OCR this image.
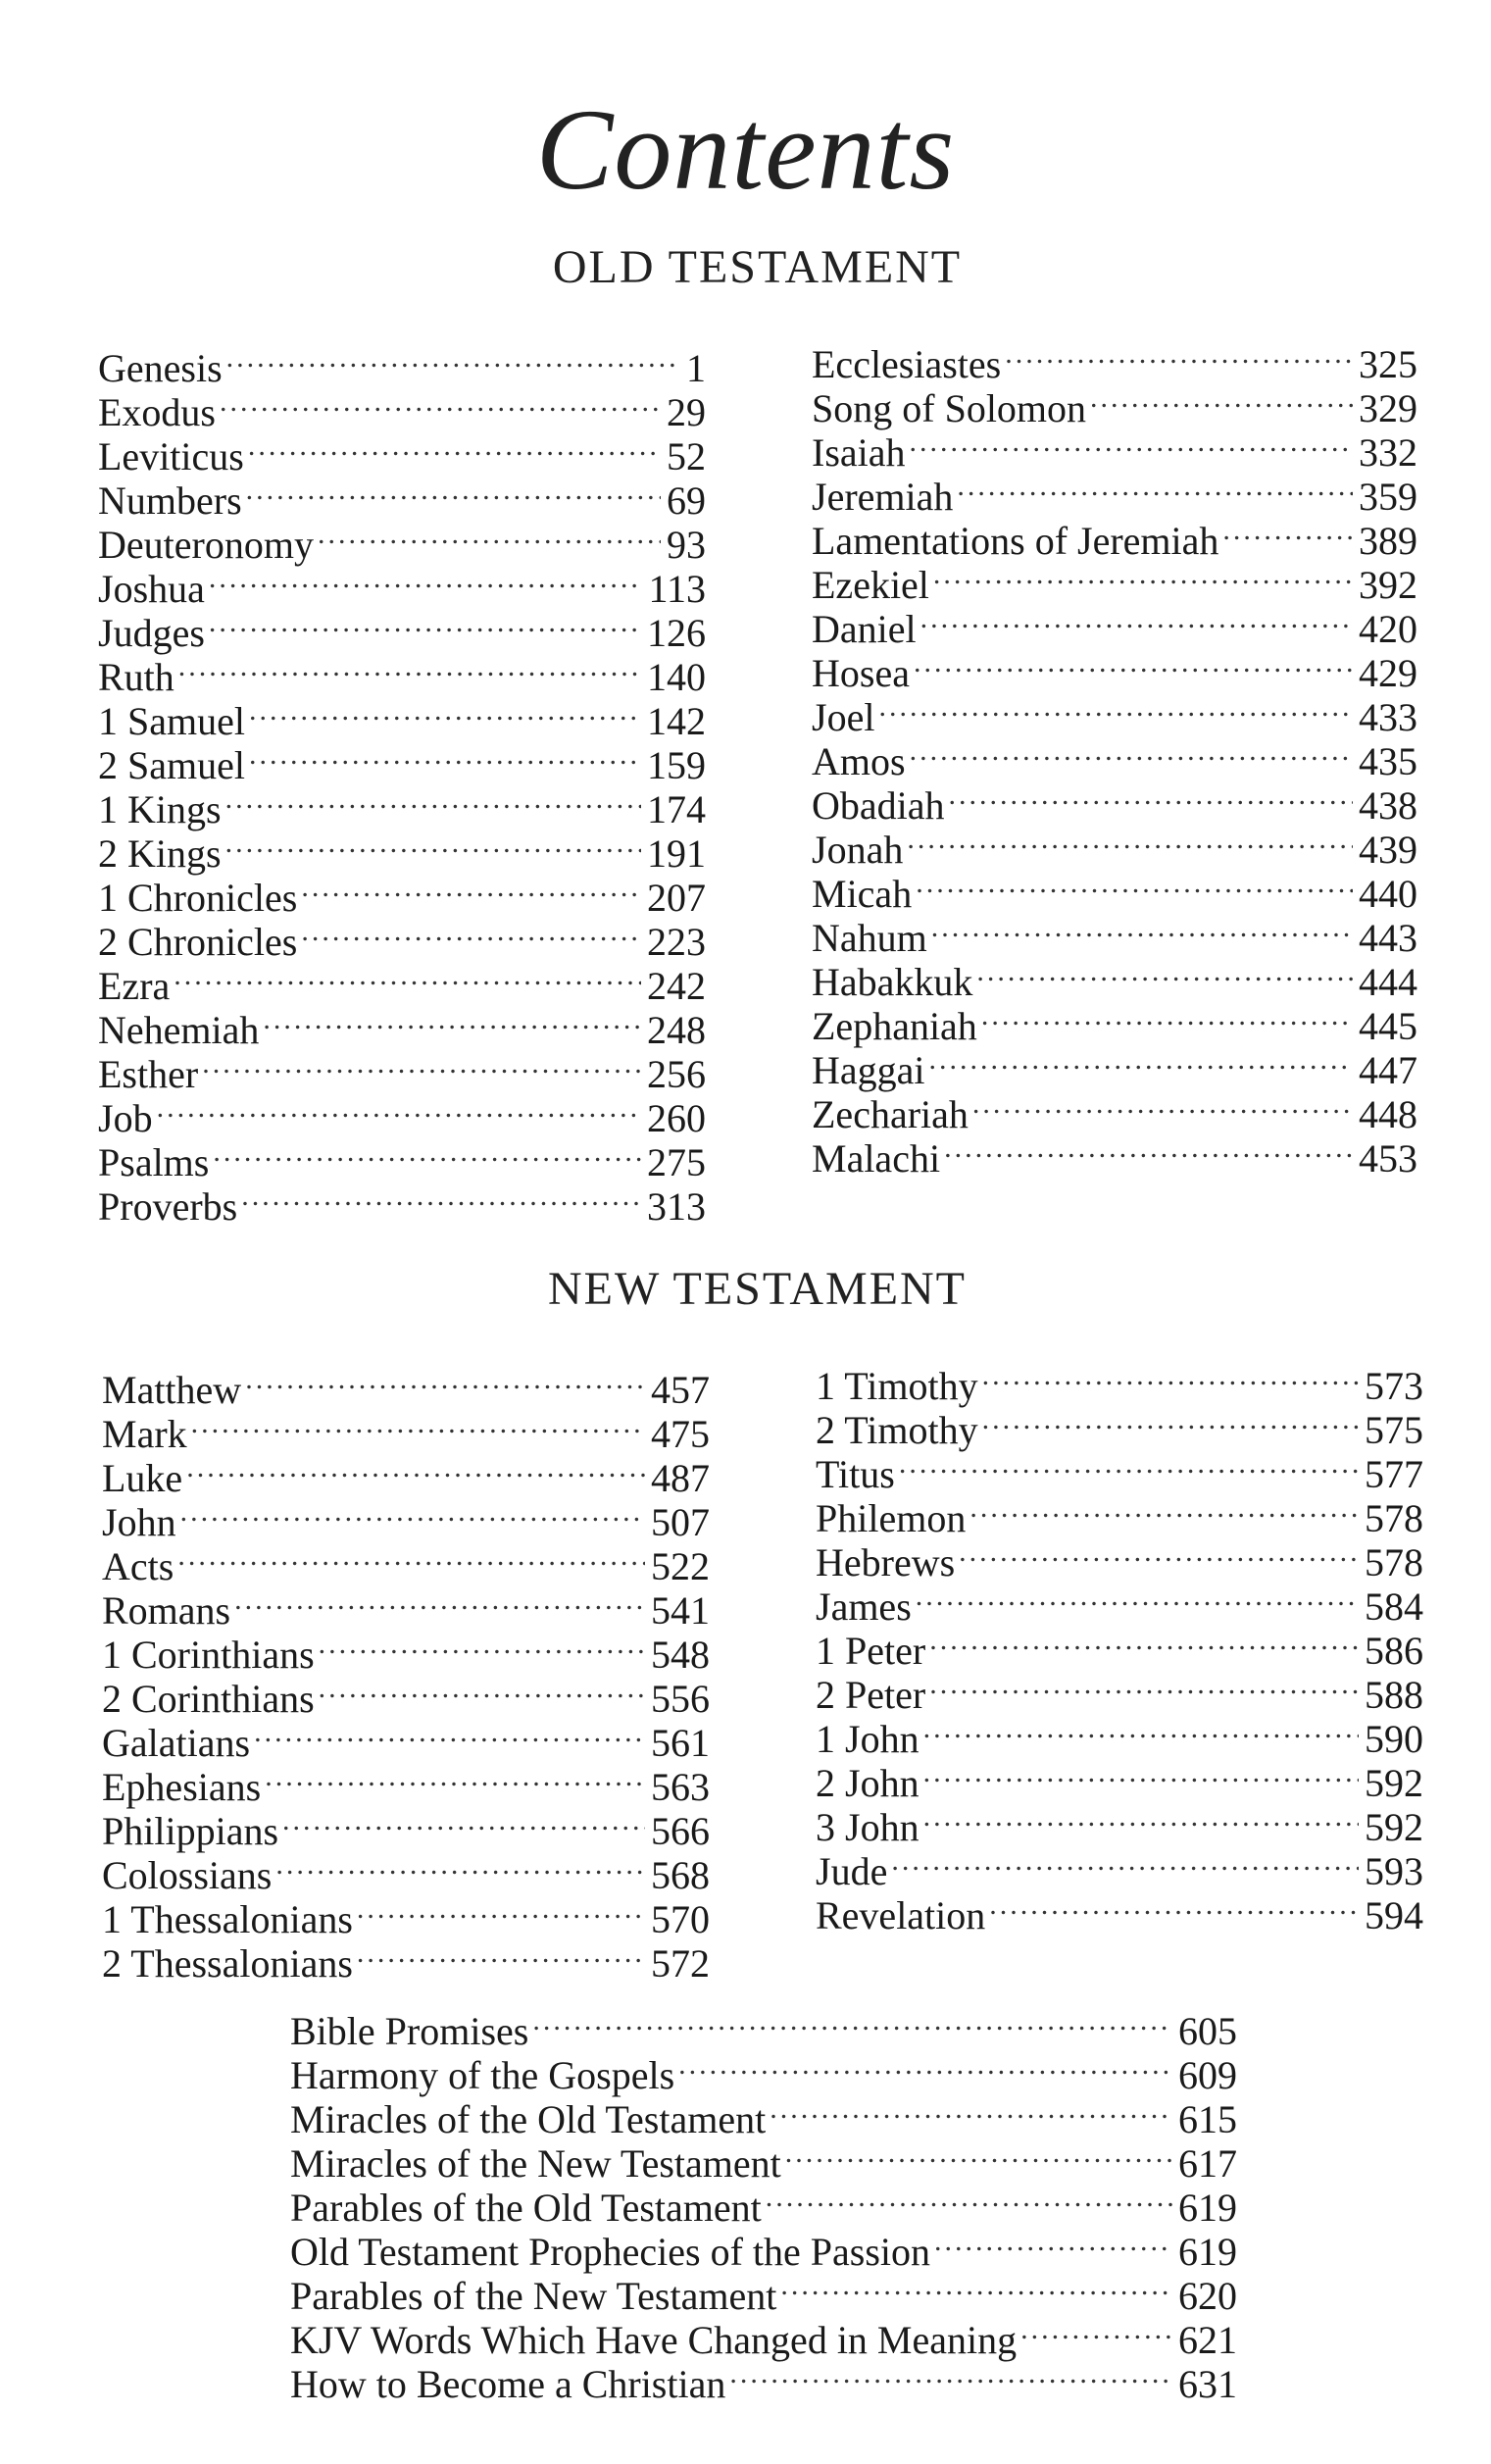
Contents
OLD TESTAMENT
Genesis .....	1
Exodus .....	29
Leviticus .....	52
Numbers .....	69
Deuteronomy .....	93
Joshua .....	113
Judges .....	126
Ruth .....	140
1 Samuel .....	142
2 Samuel .....	159
1 Kings .....	174
2 Kings .....	191
1 Chronicles .....	207
2 Chronicles .....	223
Ezra .....	242
Nehemiah .....	248
Esther .....	256
Job .....	260
Psalms .....	275
Proverbs .....	313
Ecclesiastes .....	325
Song of Solomon .....	329
Isaiah .....	332
Jeremiah .....	359
Lamentations of Jeremiah .....	389
Ezekiel .....	392
Daniel .....	420
Hosea .....	429
Joel .....	433
Amos .....	435
Obadiah .....	438
Jonah .....	439
Micah .....	440
Nahum .....	443
Habakkuk .....	444
Zephaniah .....	445
Haggai .....	447
Zechariah .....	448
Malachi .....	453
NEW TESTAMENT
Matthew .....	457
Mark .....	475
Luke .....	487
John .....	507
Acts .....	522
Romans .....	541
1 Corinthians .....	548
2 Corinthians .....	556
Galatians .....	561
Ephesians .....	563
Philippians .....	566
Colossians .....	568
1 Thessalonians .....	570
2 Thessalonians .....	572
1 Timothy .....	573
2 Timothy .....	575
Titus .....	577
Philemon .....	578
Hebrews .....	578
James .....	584
1 Peter .....	586
2 Peter .....	588
1 John .....	590
2 John .....	592
3 John .....	592
Jude .....	593
Revelation .....	594
Bible Promises .....	605
Harmony of the Gospels .....	609
Miracles of the Old Testament .....	615
Miracles of the New Testament .....	617
Parables of the Old Testament .....	619
Old Testament Prophecies of the Passion .....	619
Parables of the New Testament .....	620
KJV Words Which Have Changed in Meaning .....	621
How to Become a Christian .....	631
